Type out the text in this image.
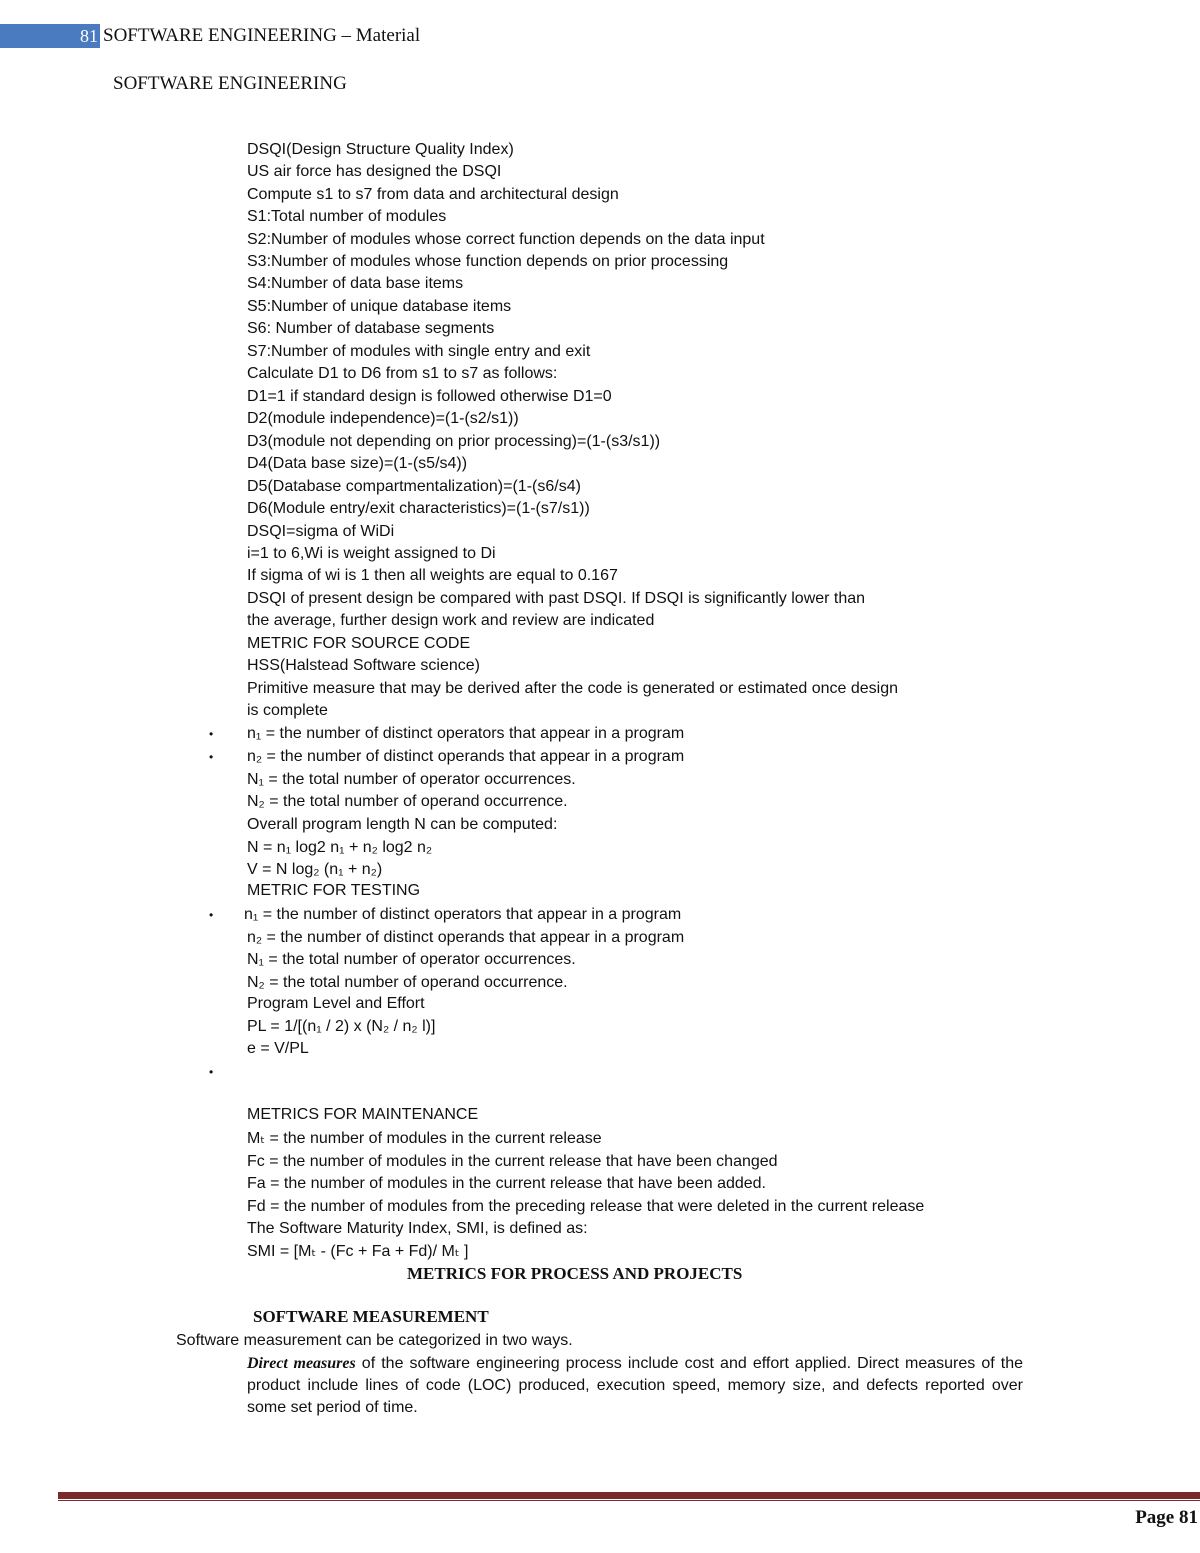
81 SOFTWARE ENGINEERING – Material
SOFTWARE ENGINEERING
DSQI(Design Structure Quality Index)
US air force has designed the DSQI
Compute s1 to s7 from data and architectural design
S1:Total number of modules
S2:Number of modules whose correct function depends on the data input
S3:Number of modules whose function depends on prior processing
S4:Number of data base items
S5:Number of unique database items
S6: Number of database segments
S7:Number of modules with single entry and exit
Calculate D1 to D6 from s1 to s7 as follows:
D1=1 if standard design is followed otherwise D1=0
D2(module independence)=(1-(s2/s1))
D3(module not depending on prior processing)=(1-(s3/s1))
D4(Data base size)=(1-(s5/s4))
D5(Database compartmentalization)=(1-(s6/s4)
D6(Module entry/exit characteristics)=(1-(s7/s1))
DSQI=sigma of WiDi
i=1 to 6,Wi is weight assigned to Di
If sigma of wi is 1 then all weights are equal to 0.167
DSQI of present design be compared with past DSQI. If DSQI is significantly lower than
the average, further design work and review are indicated
METRIC FOR SOURCE CODE
HSS(Halstead Software science)
Primitive measure that may be derived after the code is generated or estimated once design
is complete
• n₁ = the number of distinct operators that appear in a program
• n₂ = the number of distinct operands that appear in a program
N₁ = the total number of operator occurrences.
N₂ = the total number of operand occurrence.
Overall program length N can be computed:
N = n₁ log2 n₁ + n₂ log2 n₂
V = N log₂ (n₁ + n₂)
METRIC FOR TESTING
• n₁ = the number of distinct operators that appear in a program
n₂ = the number of distinct operands that appear in a program
N₁ = the total number of operator occurrences.
N₂ = the total number of operand occurrence.
Program Level and Effort
PL = 1/[(n₁ / 2) x (N₂ / n₂ l)]
e = V/PL
•
METRICS FOR MAINTENANCE
Mₜ = the number of modules in the current release
Fc = the number of modules in the current release that have been changed
Fa = the number of modules in the current release that have been added.
Fd = the number of modules from the preceding release that were deleted in the current release
The Software Maturity Index, SMI, is defined as:
SMI = [Mₜ - (Fc + Fa + Fd)/ Mₜ ]
METRICS FOR PROCESS AND PROJECTS
SOFTWARE MEASUREMENT
Software measurement can be categorized in two ways.
Direct measures of the software engineering process include cost and effort applied. Direct measures of the product include lines of code (LOC) produced, execution speed, memory size, and defects reported over some set period of time.
Page 81
